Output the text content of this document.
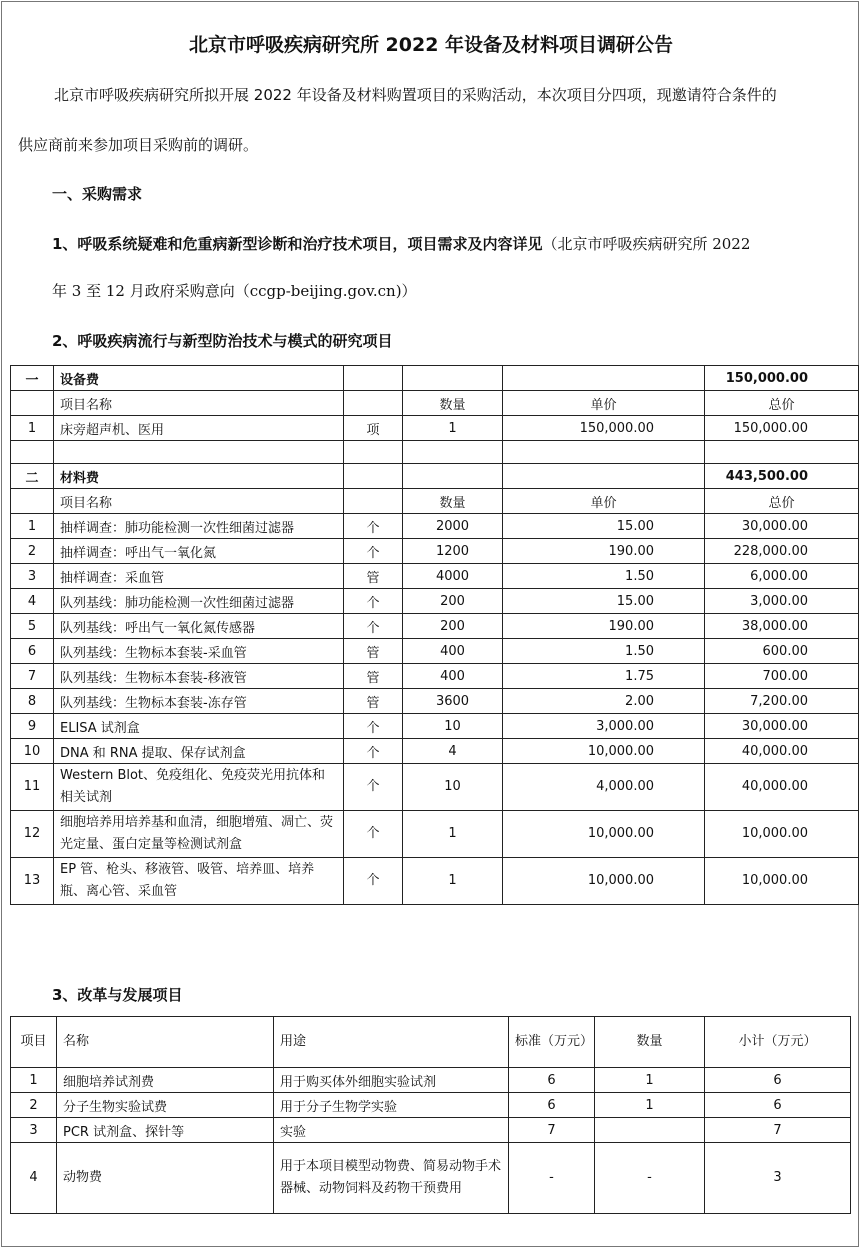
北京市呼吸疾病研究所 2022 年设备及材料项目调研公告
北京市呼吸疾病研究所拟开展 2022 年设备及材料购置项目的采购活动，本次项目分四项，现邀请符合条件的
供应商前来参加项目采购前的调研。
一、采购需求
1、呼吸系统疑难和危重病新型诊断和治疗技术项目，项目需求及内容详见（北京市呼吸疾病研究所 2022
年 3 至 12 月政府采购意向（ccgp-beijing.gov.cn)）
2、呼吸疾病流行与新型防治技术与模式的研究项目
一	设备费				150,000.00
	项目名称		数量	单价	总价
1	床旁超声机、医用	项	1	150,000.00	150,000.00

二	材料费				443,500.00
	项目名称		数量	单价	总价
1	抽样调查：肺功能检测一次性细菌过滤器	个	2000	15.00	30,000.00
2	抽样调查：呼出气一氧化氮	个	1200	190.00	228,000.00
3	抽样调查：采血管	管	4000	1.50	6,000.00
4	队列基线：肺功能检测一次性细菌过滤器	个	200	15.00	3,000.00
5	队列基线：呼出气一氧化氮传感器	个	200	190.00	38,000.00
6	队列基线：生物标本套装-采血管	管	400	1.50	600.00
7	队列基线：生物标本套装-移液管	管	400	1.75	700.00
8	队列基线：生物标本套装-冻存管	管	3600	2.00	7,200.00
9	ELISA 试剂盒	个	10	3,000.00	30,000.00
10	DNA 和 RNA 提取、保存试剂盒	个	4	10,000.00	40,000.00
11	Western Blot、免疫组化、免疫荧光用抗体和相关试剂	个	10	4,000.00	40,000.00
12	细胞培养用培养基和血清，细胞增殖、凋亡、荧光定量、蛋白定量等检测试剂盒	个	1	10,000.00	10,000.00
13	EP 管、枪头、移液管、吸管、培养皿、培养瓶、离心管、采血管	个	1	10,000.00	10,000.00
3、改革与发展项目
项目	名称	用途	标准（万元）	数量	小计（万元）
1	细胞培养试剂费	用于购买体外细胞实验试剂	6	1	6
2	分子生物实验试费	用于分子生物学实验	6	1	6
3	PCR 试剂盒、探针等	实验	7		7
4	动物费	用于本项目模型动物费、简易动物手术器械、动物饲料及药物干预费用	-	-	3
